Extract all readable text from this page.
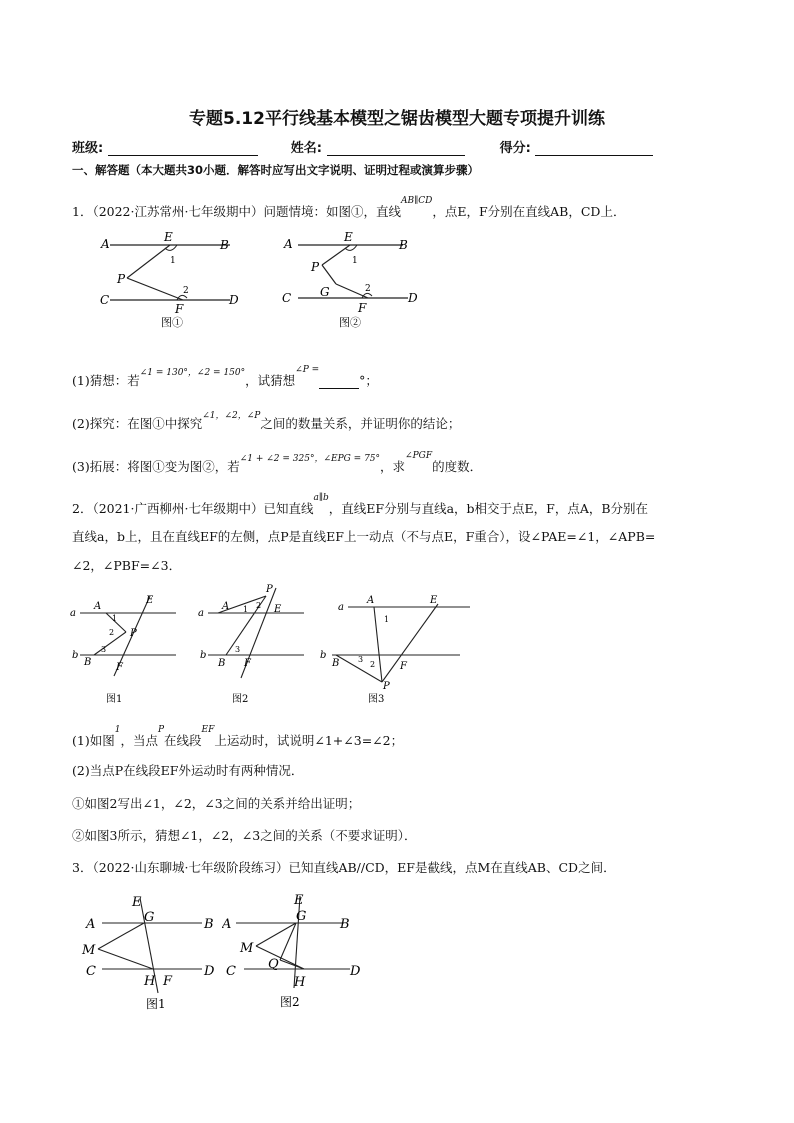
专题5.12平行线基本模型之锯齿模型大题专项提升训练
班级:	姓名:	得分:
一、解答题（本大题共30小题．解答时应写出文字说明、证明过程或演算步骤）
1．（2022·江苏常州·七年级期中）问题情境：如图①，直线$^{AB\parallel CD}$，点E，F分别在直线AB，CD上．
A	E
B
1
P
2
C
F
D
图①
A	E
B
1
P
G	2
C
F
D
图②
(1)猜想：若$^{\angle 1 = 130^\circ,\angle 2 = 150^\circ}$，试猜想$^{\angle P =}$°；
(2)探究：在图①中探究$^{\angle 1,\angle 2,\angle P}$之间的数量关系，并证明你的结论；
(3)拓展：将图①变为图②，若$^{\angle 1 + \angle 2 = 325^\circ,\angle EPG = 75^\circ}$，求$^{\angle PGF}$的度数．
2．（2021·广西柳州·七年级期中）已知直线$^{a\parallel b}$，直线EF分别与直线a，b相交于点E，F，点A，B分别在
直线a，b上，且在直线EF的左侧，点P是直线EF上一动点（不与点E，F重合），设∠PAE=∠1，∠APB=
∠2，∠PBF=∠3．
a
b
A
1
2 P
3
B
E
F
图1
a
b
A 1 2
P
E
3
B F
图2
a
b
A
1
E
B 3
2 F
P
图3
(1)如图$^1$，当点$^P$在线段$^{EF}$上运动时，试说明∠1+∠3=∠2；
(2)当点P在线段EF外运动时有两种情况．
①如图2写出∠1，∠2，∠3之间的关系并给出证明；
②如图3所示，猜想∠1，∠2，∠3之间的关系（不要求证明）．
3．（2022·山东聊城·七年级阶段练习）已知直线AB//CD，EF是截线，点M在直线AB、CD之间．
A
E
G	B
M
C
H F
D
图1
A
E
G
B
M
Q
C
H
D
图2
